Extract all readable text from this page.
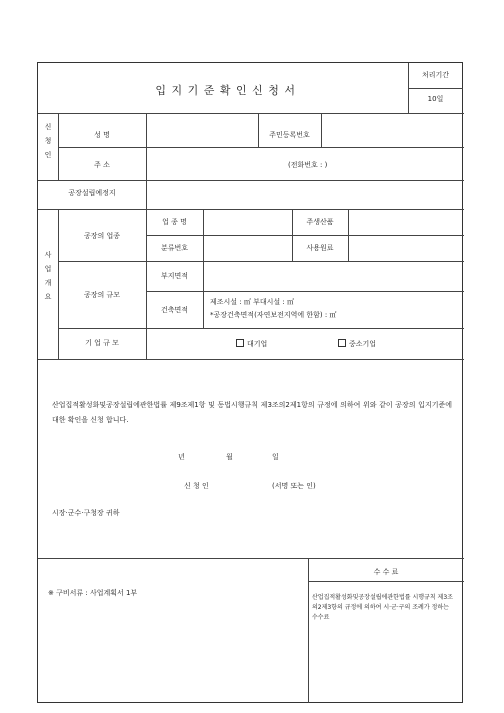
입지기준확인신청서
처리기간
10일
신청인
성 명	주민등록번호
주 소	(전화번호 : )
공장설립예정지
사업개요
공장의 업종
업 종 명	주생산품
분류번호	사용원료
공장의 규모
부지면적
건축면적
제조시설 : ㎡ 부대시설 : ㎡
*공장건축면적(자연보전지역에 한함) : ㎡
기 업 규 모	대기업	중소기업
산업집적활성화및공장설립에관한법률 제9조제1항 및 동법시행규칙 제3조의2제1항의 규정에 의하여 위와 같이 공장의 입지기준에 대한 확인을 신청 합니다.
년	월	일
신 청 인	(서명 또는 인)
시장·군수·구청장 귀하
※ 구비서류 : 사업계획서 1부
수 수 료
산업집적활성화및공장설립에관한법률 시행규칙 제3조의2제3항의 규정에 의하여 시·군·구의 조례가 정하는 수수료
